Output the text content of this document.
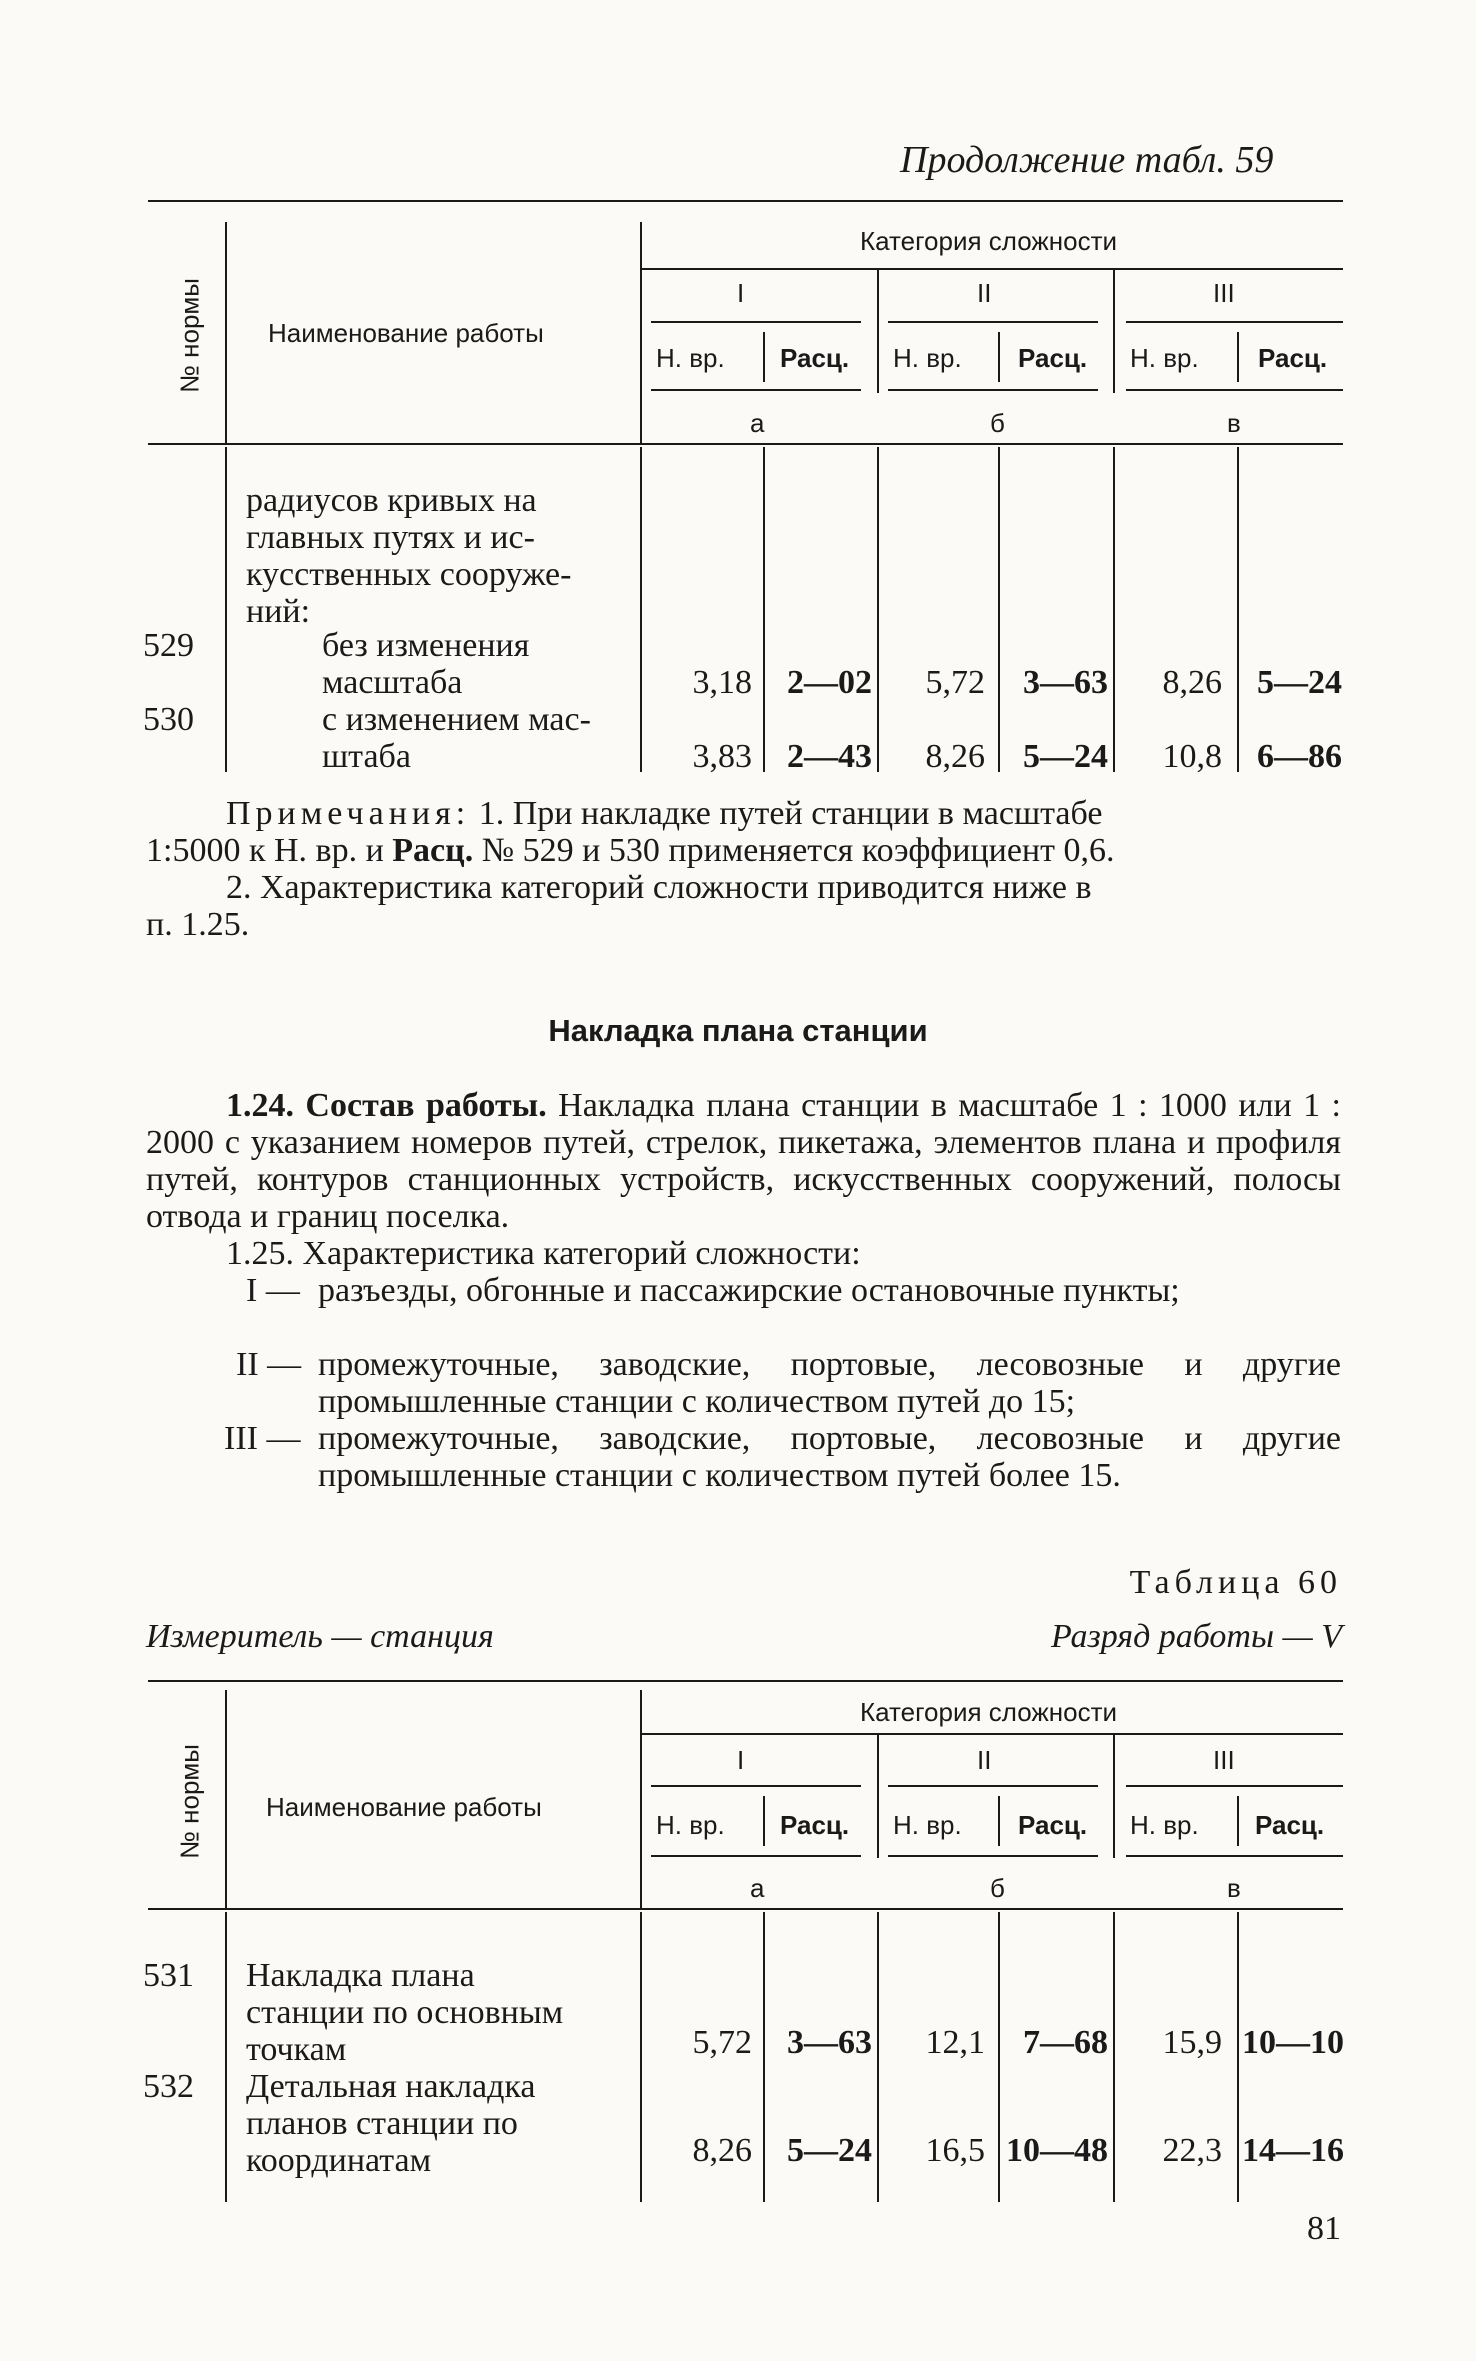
Продолжение табл. 59
№ нормы Наименование работы
Категория сложности
I	II	III
Н. вр. Расц. Н. вр. Расц. Н. вр. Расц.
а	б	в
радиусов кривых на
главных путях и ис-
кусственных сооруже-
ний:
529	без изменения
масштаба	3,18	2—02	5,72	3—63	8,26	5—24
530	с изменением мас-
штаба	3,83	2—43	8,26	5—24	10,8	6—86
Примечания: 1. При накладке путей станции в масштабе
1:5000 к Н. вр. и Расц. № 529 и 530 применяется коэффициент 0,6.
2. Характеристика категорий сложности приводится ниже в
п. 1.25.
Накладка плана станции
1.24. Состав работы. Накладка плана станции в масштабе 1 : 1000 или 1 : 2000 с указанием номеров путей, стрелок, пикетажа, элементов плана и профиля путей, контуров станционных устройств, искусственных сооружений, полосы отвода и границ поселка.
1.25. Характеристика категорий сложности:
I — разъезды, обгонные и пассажирские остановочные пункты;
II — промежуточные, заводские, портовые, лесовозные и другие промышленные станции с количеством путей до 15;
III — промежуточные, заводские, портовые, лесовозные и другие промышленные станции с количеством путей более 15.
Таблица 60
Измеритель — станция	Разряд работы — V
№ нормы Наименование работы
Категория сложности
I	II	III
Н. вр. Расц. Н. вр. Расц. Н. вр. Расц.
а	б	в
531 Накладка плана
станции по основным
точкам	5,72	3—63	12,1	7—68	15,9 10—10
532 Детальная накладка
планов станции по
координатам	8,26	5—24	16,5 10—48	22,3 14—16
81
